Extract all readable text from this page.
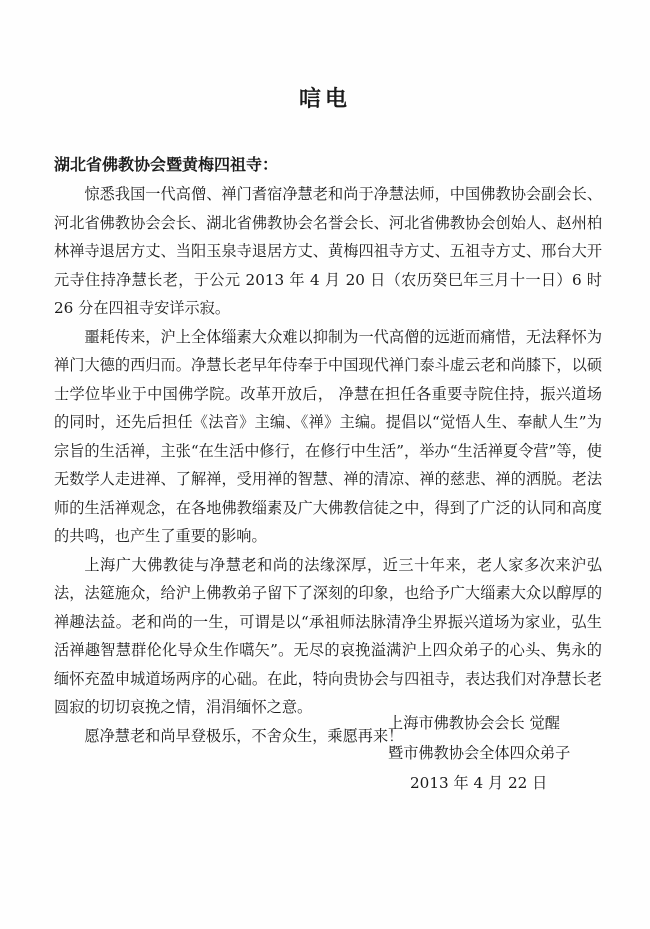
唁电
湖北省佛教协会暨黄梅四祖寺：

惊悉我国一代高僧、禅门耆宿净慧老和尚于净慧法师，中国佛教协会副会长、河北省佛教协会会长、湖北省佛教协会名誉会长、河北省佛教协会创始人、赵州柏林禅寺退居方丈、当阳玉泉寺退居方丈、黄梅四祖寺方丈、五祖寺方丈、邢台大开元寺住持净慧长老，于公元 2013 年 4 月 20 日（农历癸巳年三月十一日）6 时 26 分在四祖寺安详示寂。

噩耗传来，沪上全体缁素大众难以抑制为一代高僧的远逝而痛惜，无法释怀为禅门大德的西归而。净慧长老早年侍奉于中国现代禅门泰斗虚云老和尚膝下，以硕士学位毕业于中国佛学院。改革开放后， 净慧在担任各重要寺院住持，振兴道场的同时，还先后担任《法音》主编、《禅》主编。提倡以“觉悟人生、奉献人生”为宗旨的生活禅，主张“在生活中修行，在修行中生活”，举办“生活禅夏令营”等，使无数学人走进禅、了解禅，受用禅的智慧、禅的清凉、禅的慈悲、禅的洒脱。老法师的生活禅观念，在各地佛教缁素及广大佛教信徒之中，得到了广泛的认同和高度的共鸣，也产生了重要的影响。

上海广大佛教徒与净慧老和尚的法缘深厚，近三十年来，老人家多次来沪弘法，法筵施众，给沪上佛教弟子留下了深刻的印象，也给予广大缁素大众以醇厚的禅趣法益。老和尚的一生，可谓是以“承祖师法脉清净尘界振兴道场为家业，弘生活禅趣智慧群伦化导众生作嚆矢”。无尽的哀挽溢满沪上四众弟子的心头、隽永的缅怀充盈申城道场两序的心础。在此，特向贵协会与四祖寺，表达我们对净慧长老圆寂的切切哀挽之情，涓涓缅怀之意。

愿净慧老和尚早登极乐，不舍众生，乘愿再来！

上海市佛教协会会长 觉醒
暨市佛教协会全体四众弟子
2013 年 4 月 22 日
